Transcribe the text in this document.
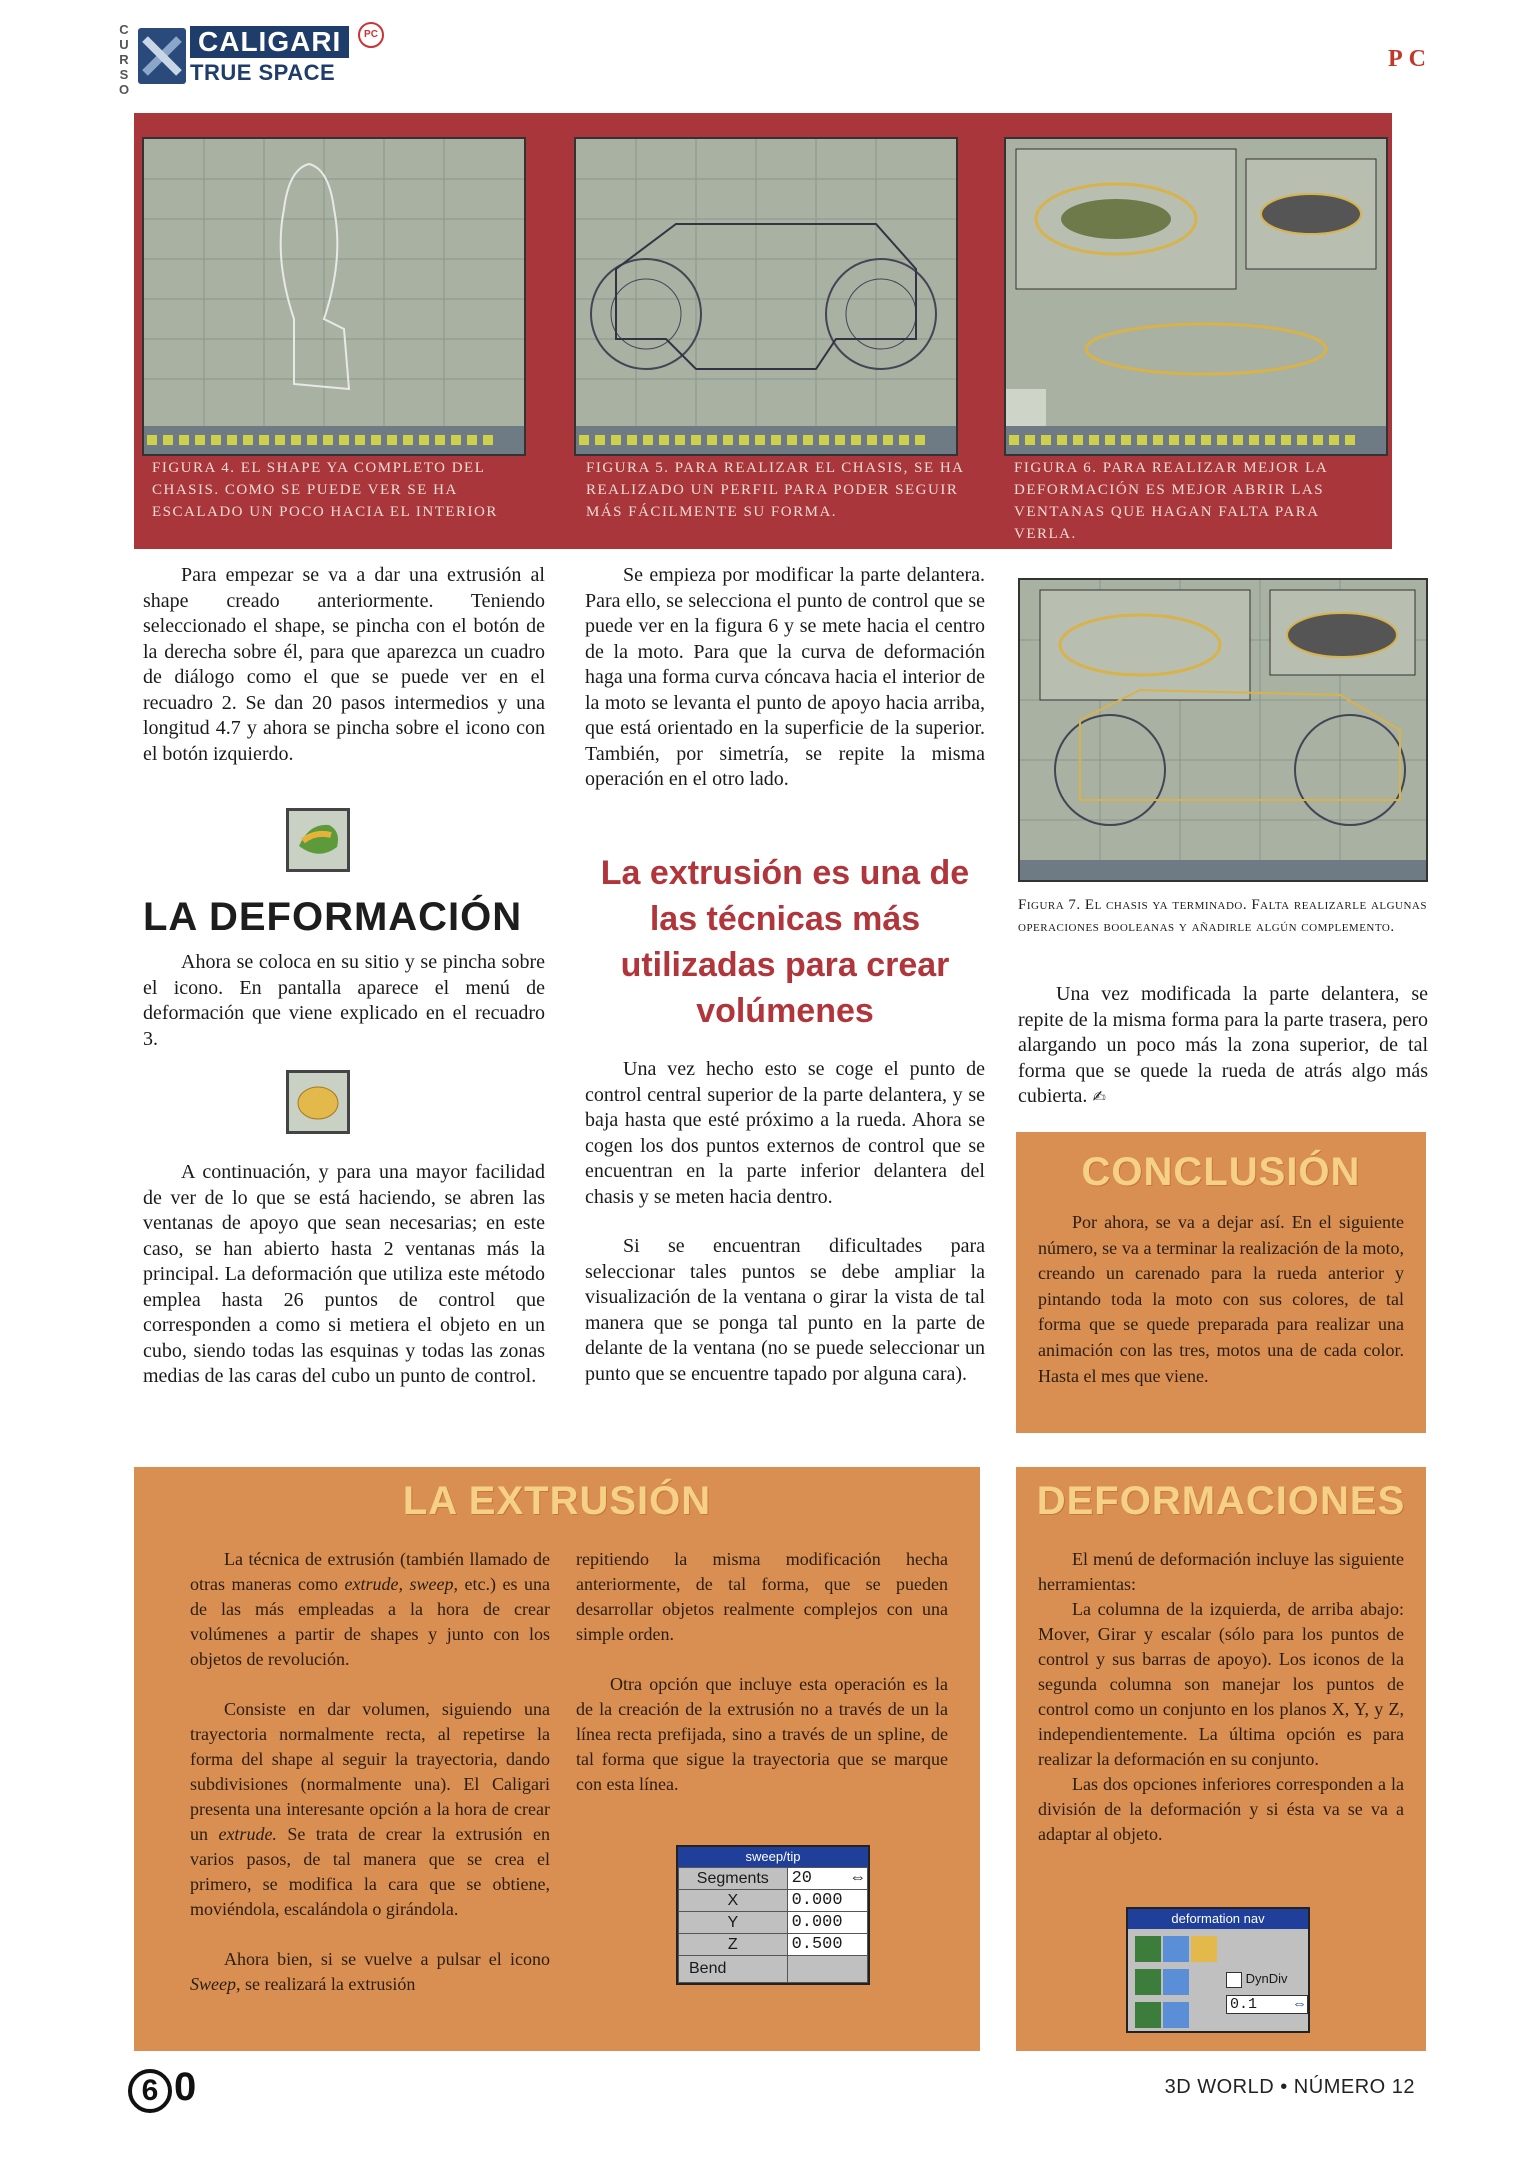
C
U
R
S
O
CALIGARI
TRUE SPACE
PC
PC
FIGURA 4. EL SHAPE YA COMPLETO DEL CHASIS. COMO SE PUEDE VER SE HA ESCALADO UN POCO HACIA EL INTERIOR
FIGURA 5. PARA REALIZAR EL CHASIS, SE HA REALIZADO UN PERFIL PARA PODER SEGUIR MÁS FÁCILMENTE SU FORMA.
FIGURA 6. PARA REALIZAR MEJOR LA DEFORMACIÓN ES MEJOR ABRIR LAS VENTANAS QUE HAGAN FALTA PARA VERLA.

Para empezar se va a dar una extrusión al shape creado anteriormente. Teniendo seleccionado el shape, se pincha con el botón de la derecha sobre él, para que aparezca un cuadro de diálogo como el que se puede ver en el recuadro 2. Se dan 20 pasos intermedios y una longitud 4.7 y ahora se pincha sobre el icono con el botón izquierdo.

LA DEFORMACIÓN

Ahora se coloca en su sitio y se pincha sobre el icono. En pantalla aparece el menú de deformación que viene explicado en el recuadro 3.

A continuación, y para una mayor facilidad de ver de lo que se está haciendo, se abren las ventanas de apoyo que sean necesarias; en este caso, se han abierto hasta 2 ventanas más la principal. La deformación que utiliza este método emplea hasta 26 puntos de control que corresponden a como si metiera el objeto en un cubo, siendo todas las esquinas y todas las zonas medias de las caras del cubo un punto de control.

Se empieza por modificar la parte delantera. Para ello, se selecciona el punto de control que se puede ver en la figura 6 y se mete hacia el centro de la moto. Para que la curva de deformación haga una forma curva cóncava hacia el interior de la moto se levanta el punto de apoyo hacia arriba, que está orientado en la superficie de la superior. También, por simetría, se repite la misma operación en el otro lado.

La extrusión es una de las técnicas más utilizadas para crear volúmenes

Una vez hecho esto se coge el punto de control central superior de la parte delantera, y se baja hasta que esté próximo a la rueda. Ahora se cogen los dos puntos externos de control que se encuentran en la parte inferior delantera del chasis y se meten hacia dentro.

Si se encuentran dificultades para seleccionar tales puntos se debe ampliar la visualización de la ventana o girar la vista de tal manera que se ponga tal punto en la parte de delante de la ventana (no se puede seleccionar un punto que se encuentre tapado por alguna cara).

Figura 7. El chasis ya terminado. Falta realizarle algunas operaciones booleanas y añadirle algún complemento.

Una vez modificada la parte delantera, se repite de la misma forma para la parte trasera, pero alargando un poco más la zona superior, de tal forma que se quede la rueda de atrás algo más cubierta. ✍

CONCLUSIÓN

Por ahora, se va a dejar así. En el siguiente número, se va a terminar la realización de la moto, creando un carenado para la rueda anterior y pintando toda la moto con sus colores, de tal forma que se quede preparada para realizar una animación con las tres, motos una de cada color. Hasta el mes que viene.

LA EXTRUSIÓN

La técnica de extrusión (también llamado de otras maneras como extrude, sweep, etc.) es una de las más empleadas a la hora de crear volúmenes a partir de shapes y junto con los objetos de revolución.

Consiste en dar volumen, siguiendo una trayectoria normalmente recta, al repetirse la forma del shape al seguir la trayectoria, dando subdivisiones (normalmente una). El Caligari presenta una interesante opción a la hora de crear un extrude. Se trata de crear la extrusión en varios pasos, de tal manera que se crea el primero, se modifica la cara que se obtiene, moviéndola, escalándola o girándola.

Ahora bien, si se vuelve a pulsar el icono Sweep, se realizará la extrusión

repitiendo la misma modificación hecha anteriormente, de tal forma, que se pueden desarrollar objetos realmente complejos con una simple orden.

Otra opción que incluye esta operación es la de la creación de la extrusión no a través de un la línea recta prefijada, sino a través de un spline, de tal forma que sigue la trayectoria que se marque con esta línea.

sweep/tip
Segments	20 ⇔

X	0.000
Y	0.000
Z	0.500
Bend	
DEFORMACIONES

El menú de deformación incluye las siguiente herramientas:

La columna de la izquierda, de arriba abajo: Mover, Girar y escalar (sólo para los puntos de control y sus barras de apoyo). Los iconos de la segunda columna son manejar los puntos de control como un conjunto en los planos X, Y, y Z, independientemente. La última opción es para realizar la deformación en su conjunto.

Las dos opciones inferiores corresponden a la división de la deformación y si ésta va se va a adaptar al objeto.

deformation nav

DynDiv
0.1	⇔
6 0	3D WORLD • NÚMERO 12
